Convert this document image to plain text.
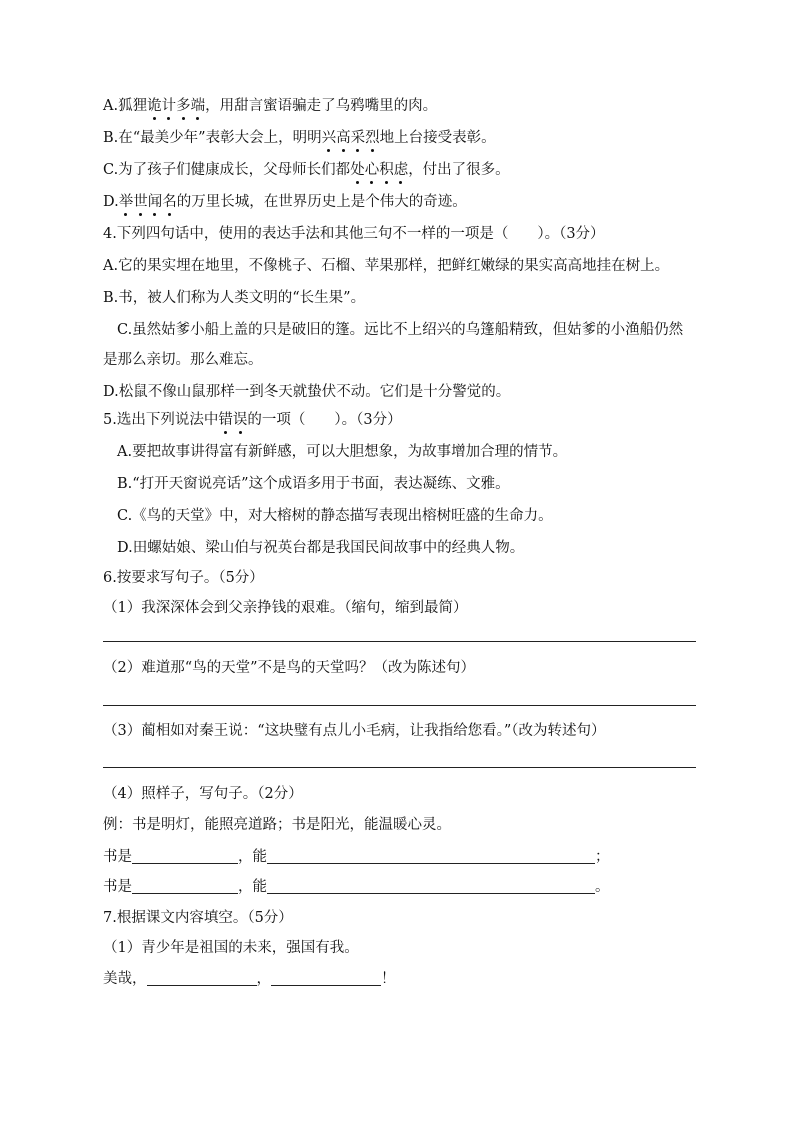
A.狐狸诡计多端，用甜言蜜语骗走了乌鸦嘴里的肉。
B.在“最美少年”表彰大会上，明明兴高采烈地上台接受表彰。
C.为了孩子们健康成长，父母师长们都处心积虑，付出了很多。
D.举世闻名的万里长城，在世界历史上是个伟大的奇迹。
4.下列四句话中，使用的表达手法和其他三句不一样的一项是（　　）。（3分）
A.它的果实埋在地里，不像桃子、石榴、苹果那样，把鲜红嫩绿的果实高高地挂在树上。
B.书，被人们称为人类文明的“长生果”。
C.虽然姑爹小船上盖的只是破旧的篷。远比不上绍兴的乌篷船精致，但姑爹的小渔船仍然
是那么亲切。那么难忘。
D.松鼠不像山鼠那样一到冬天就蛰伏不动。它们是十分警觉的。
5.选出下列说法中错误的一项（　　）。（3分）
A.要把故事讲得富有新鲜感，可以大胆想象，为故事增加合理的情节。
B.“打开天窗说亮话”这个成语多用于书面，表达凝练、文雅。
C.《鸟的天堂》中，对大榕树的静态描写表现出榕树旺盛的生命力。
D.田螺姑娘、梁山伯与祝英台都是我国民间故事中的经典人物。
6.按要求写句子。（5分）
（1）我深深体会到父亲挣钱的艰难。（缩句，缩到最简）
（2）难道那“鸟的天堂”不是鸟的天堂吗？（改为陈述句）
（3）蔺相如对秦王说：“这块璧有点儿小毛病，让我指给您看。”（改为转述句）
（4）照样子，写句子。（2分）
例：书是明灯，能照亮道路；书是阳光，能温暖心灵。
书是	，能	；
书是	，能	。
7.根据课文内容填空。（5分）
（1）青少年是祖国的未来，强国有我。
美哉，	，	！
